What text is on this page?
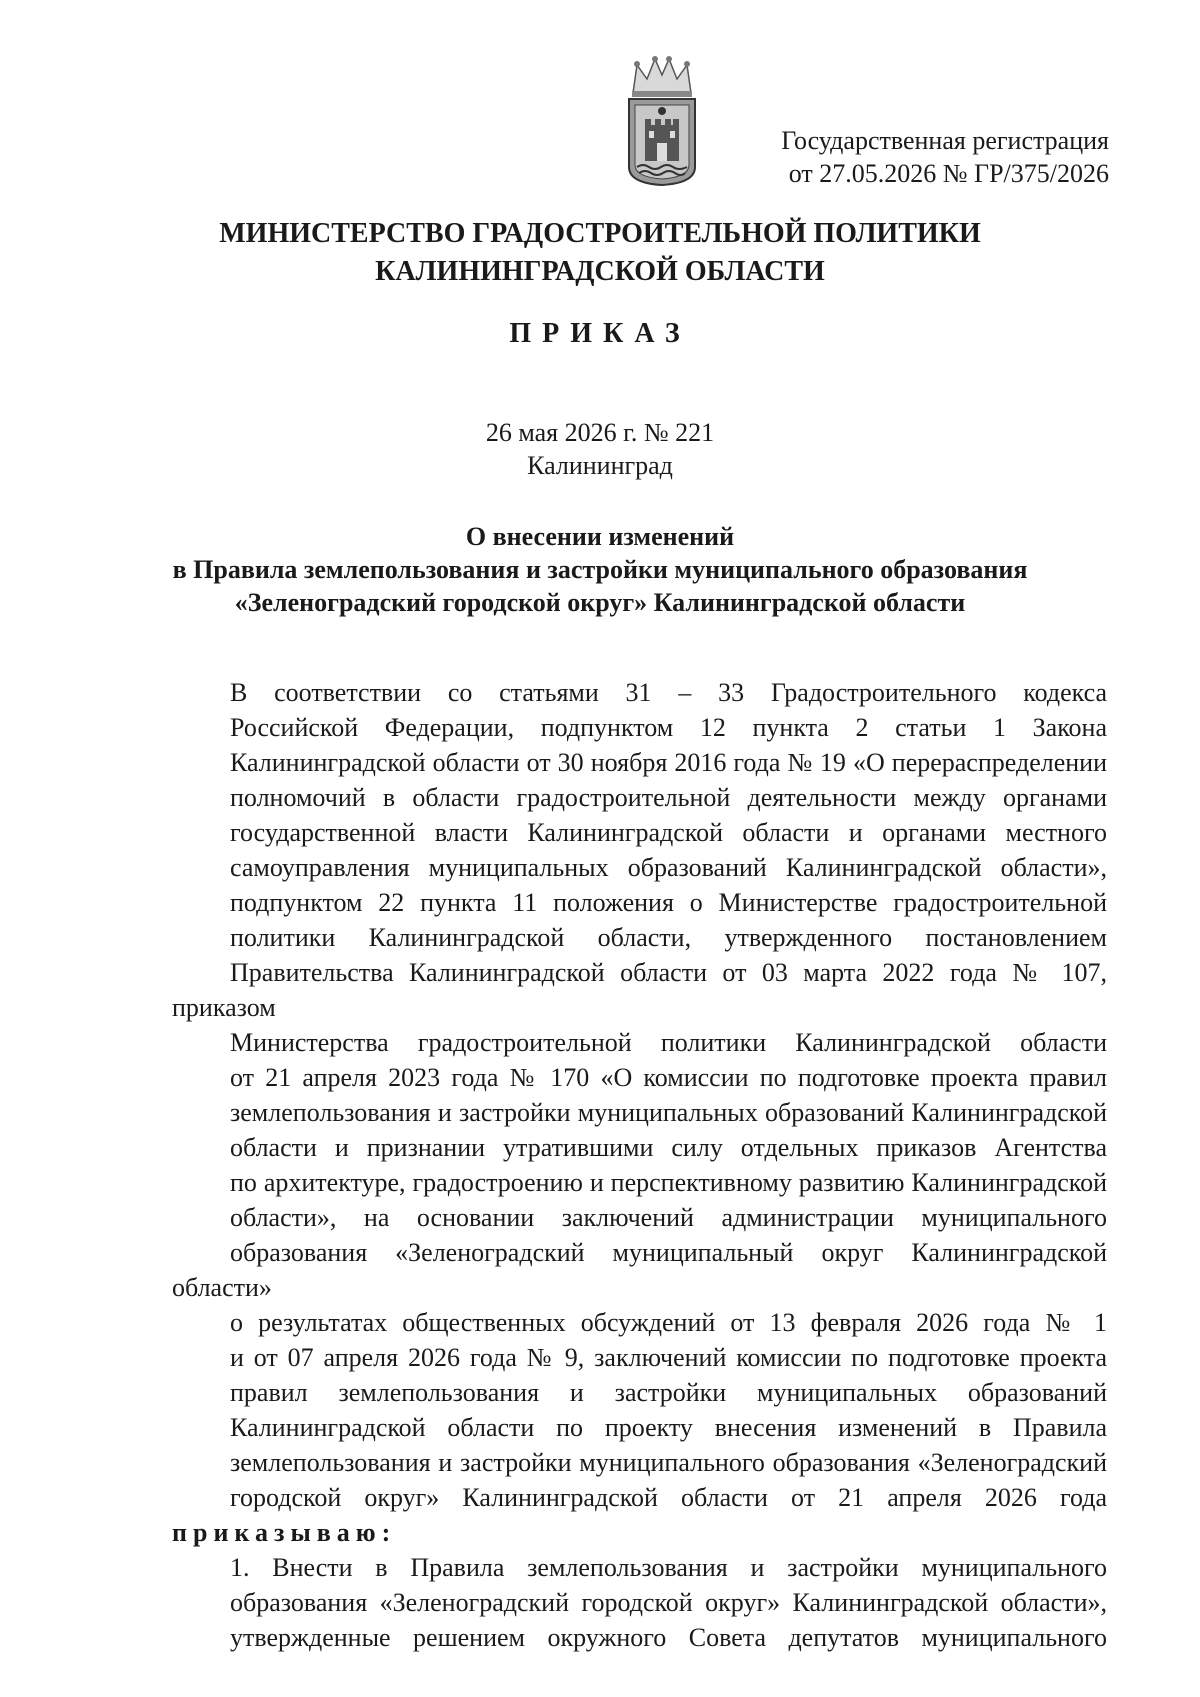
Государственная регистрация
от 27.05.2026 № ГР/375/2026
МИНИСТЕРСТВО ГРАДОСТРОИТЕЛЬНОЙ ПОЛИТИКИ
КАЛИНИНГРАДСКОЙ ОБЛАСТИ
ПРИКАЗ
26 мая 2026 г. № 221
Калининград
О внесении изменений
в Правила землепользования и застройки муниципального образования
«Зеленоградский городской округ» Калининградской области

В соответствии со статьями 31 – 33 Градостроительного кодекса
Российской Федерации, подпунктом 12 пункта 2 статьи 1 Закона
Калининградской области от 30 ноября 2016 года № 19 «О перераспределении
полномочий в области градостроительной деятельности между органами
государственной власти Калининградской области и органами местного
самоуправления муниципальных образований Калининградской области»,
подпунктом 22 пункта 11 положения о Министерстве градостроительной
политики Калининградской области, утвержденного постановлением
Правительства Калининградской области от 03 марта 2022 года № 107, приказом
Министерства градостроительной политики Калининградской области
от 21 апреля 2023 года № 170 «О комиссии по подготовке проекта правил
землепользования и застройки муниципальных образований Калининградской
области и признании утратившими силу отдельных приказов Агентства
по архитектуре, градостроению и перспективному развитию Калининградской
области», на основании заключений администрации муниципального
образования «Зеленоградский муниципальный округ Калининградской области»
о результатах общественных обсуждений от 13 февраля 2026 года № 1
и от 07 апреля 2026 года № 9, заключений комиссии по подготовке проекта
правил землепользования и застройки муниципальных образований
Калининградской области по проекту внесения изменений в Правила
землепользования и застройки муниципального образования «Зеленоградский
городской округ» Калининградской области от 21 апреля 2026 года
приказываю:

1. Внести в Правила землепользования и застройки муниципального
образования «Зеленоградский городской округ» Калининградской области»,
утвержденные решением окружного Совета депутатов муниципального
